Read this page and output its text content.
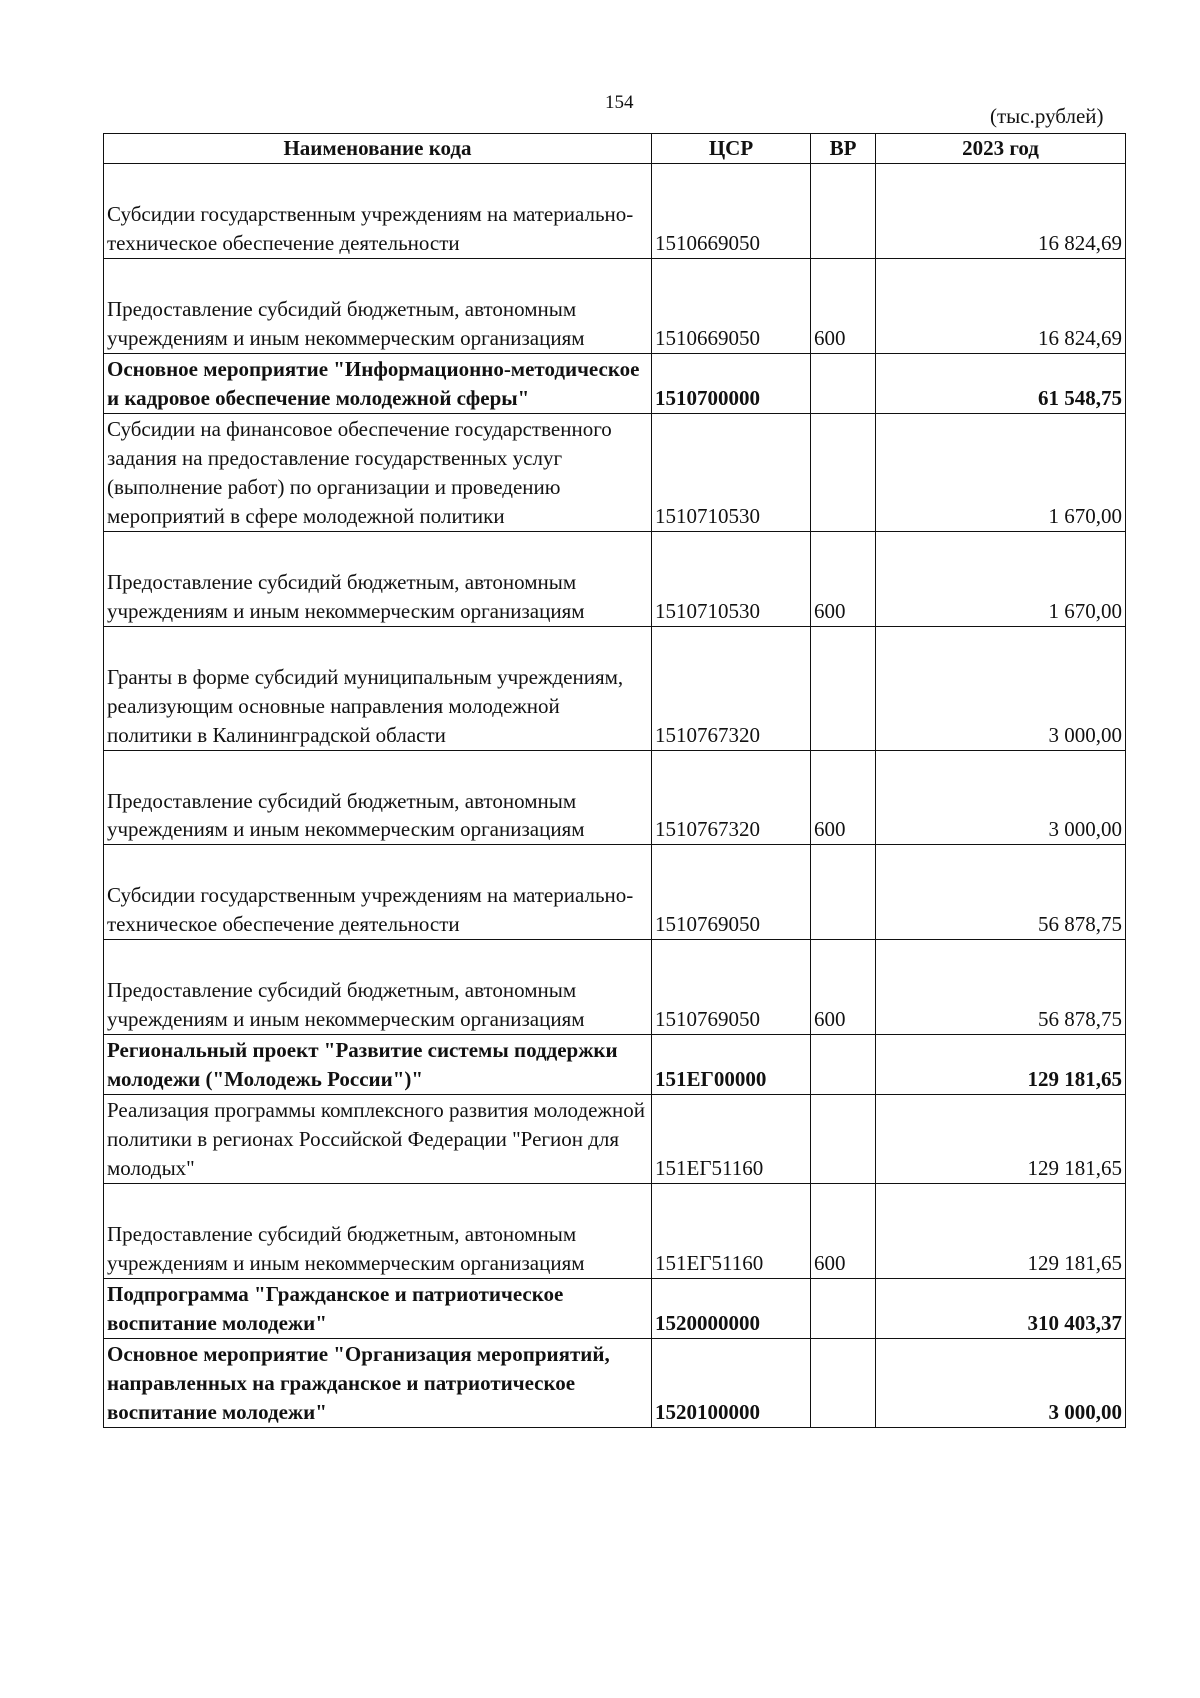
154
(тыс.рублей)
Наименование кода	ЦСР	ВР	2023 год
Субсидии государственным учреждениям на материально-техническое обеспечение деятельности	1510669050		16 824,69
Предоставление субсидий бюджетным, автономным учреждениям и иным некоммерческим организациям	1510669050	600	16 824,69
Основное мероприятие "Информационно-методическое и кадровое обеспечение молодежной сферы"	1510700000		61 548,75
Субсидии на финансовое обеспечение государственного задания на предоставление государственных услуг (выполнение работ) по организации и проведению мероприятий в сфере молодежной политики	1510710530		1 670,00
Предоставление субсидий бюджетным, автономным учреждениям и иным некоммерческим организациям	1510710530	600	1 670,00
Гранты в форме субсидий муниципальным учреждениям, реализующим основные направления молодежной политики в Калининградской области	1510767320		3 000,00
Предоставление субсидий бюджетным, автономным учреждениям и иным некоммерческим организациям	1510767320	600	3 000,00
Субсидии государственным учреждениям на материально-техническое обеспечение деятельности	1510769050		56 878,75
Предоставление субсидий бюджетным, автономным учреждениям и иным некоммерческим организациям	1510769050	600	56 878,75
Региональный проект "Развитие системы поддержки молодежи ("Молодежь России")"	151ЕГ00000		129 181,65
Реализация программы комплексного развития молодежной политики в регионах Российской Федерации "Регион для молодых"	151ЕГ51160		129 181,65
Предоставление субсидий бюджетным, автономным учреждениям и иным некоммерческим организациям	151ЕГ51160	600	129 181,65
Подпрограмма "Гражданское и патриотическое воспитание молодежи"	1520000000		310 403,37
Основное мероприятие "Организация мероприятий, направленных на гражданское и патриотическое воспитание молодежи"	1520100000		3 000,00
